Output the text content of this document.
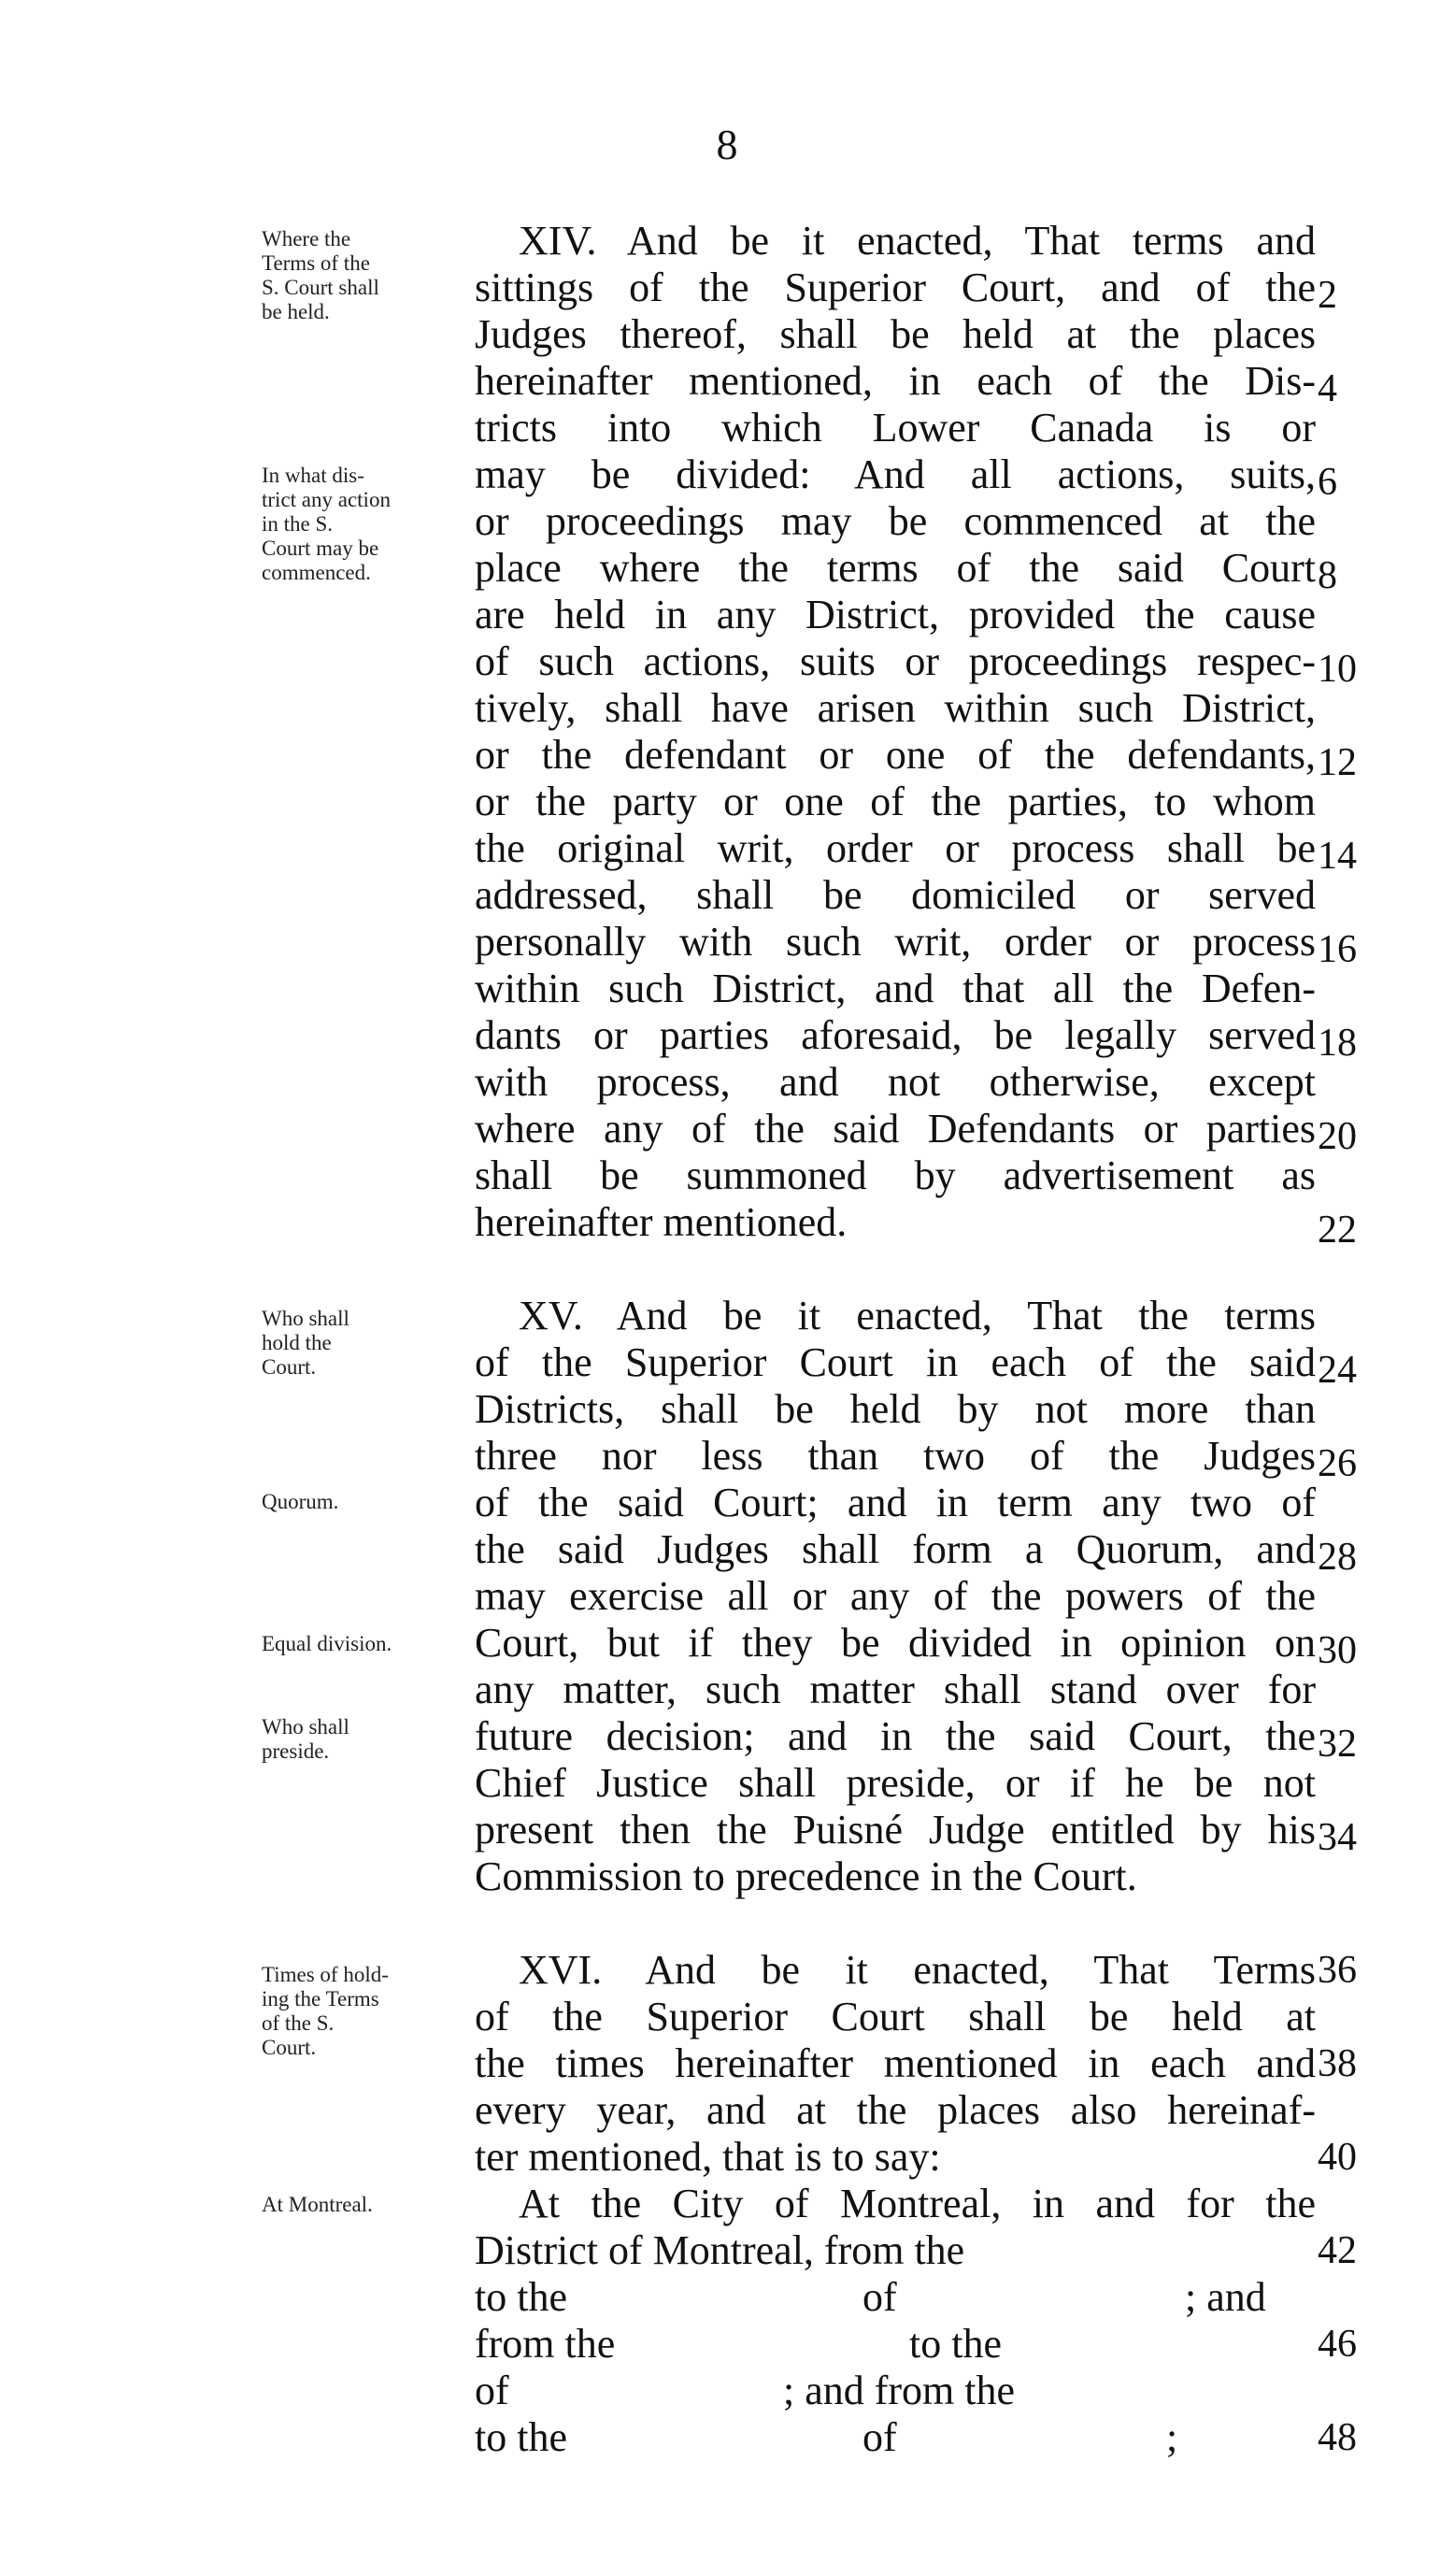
8
Where the
Terms of the
S. Court shall
be held.
In what dis-
trict any action
in the S.
Court may be
commenced.
XIV. And be it enacted, That terms and
sittings of the Superior Court, and of the
Judges thereof, shall be held at the places
hereinafter mentioned, in each of the Dis-
tricts into which Lower Canada is or
may be divided: And all actions, suits,
or proceedings may be commenced at the
place where the terms of the said Court
are held in any District, provided the cause
of such actions, suits or proceedings respec-
tively, shall have arisen within such District,
or the defendant or one of the defendants,
or the party or one of the parties, to whom
the original writ, order or process shall be
addressed, shall be domiciled or served
personally with such writ, order or process
within such District, and that all the Defen-
dants or parties aforesaid, be legally served
with process, and not otherwise, except
where any of the said Defendants or parties
shall be summoned by advertisement as
hereinafter mentioned.
2
4
6
8
10
12
14
16
18
20
22
Who shall
hold the
Court.
Quorum.
Equal division.
Who shall
preside.
XV. And be it enacted, That the terms
of the Superior Court in each of the said
Districts, shall be held by not more than
three nor less than two of the Judges
of the said Court; and in term any two of
the said Judges shall form a Quorum, and
may exercise all or any of the powers of the
Court, but if they be divided in opinion on
any matter, such matter shall stand over for
future decision; and in the said Court, the
Chief Justice shall preside, or if he be not
present then the Puisné Judge entitled by his
Commission to precedence in the Court.
24
26
28
30
32
34
Times of hold-
ing the Terms
of the S.
Court.
At Montreal.
XVI. And be it enacted, That Terms
of the Superior Court shall be held at
the times hereinafter mentioned in each and
every year, and at the places also hereinaf-
ter mentioned, that is to say:
At the City of Montreal, in and for the
District of Montreal, from the
to the	of	; and
from the	to the
of	; and from the
to the	of	;
36
38
40
42
46
48
